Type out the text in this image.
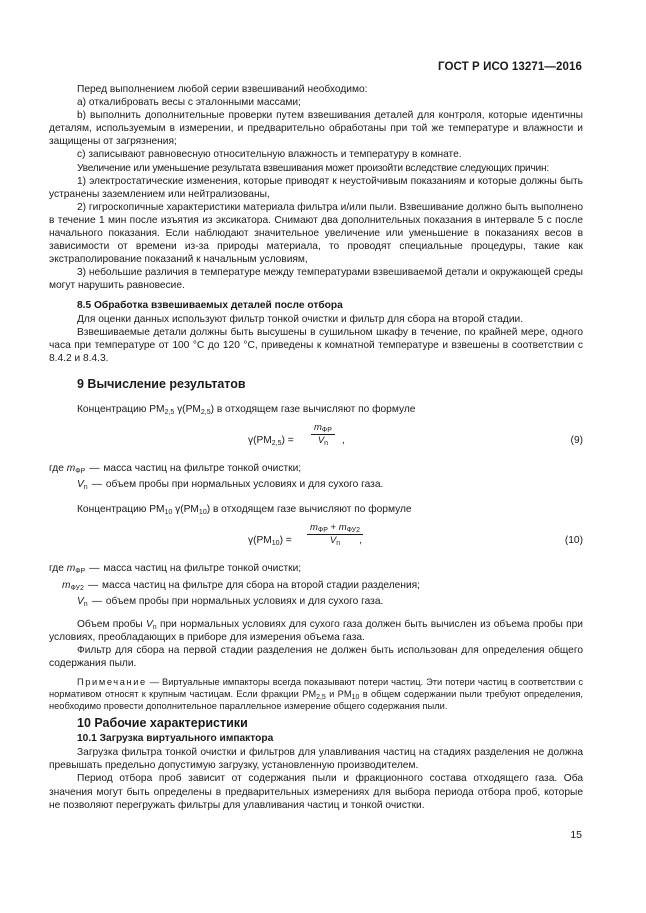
ГОСТ Р ИСО 13271—2016

Перед выполнением любой серии взвешиваний необходимо:

a) откалибровать весы с эталонными массами;

b) выполнить дополнительные проверки путем взвешивания деталей для контроля, которые идентичны деталям, используемым в измерении, и предварительно обработаны при той же температуре и влажности и защищены от загрязнения;

c) записывают равновесную относительную влажность и температуру в комнате.

Увеличение или уменьшение результата взвешивания может произойти вследствие следующих причин:

1) электростатические изменения, которые приводят к неустойчивым показаниям и которые должны быть устранены заземлением или нейтрализованы,

2) гигроскопичные характеристики материала фильтра и/или пыли. Взвешивание должно быть выполнено в течение 1 мин после изъятия из эксикатора. Снимают два дополнительных показания в интервале 5 с после начального показания. Если наблюдают значительное увеличение или уменьшение в показаниях весов в зависимости от времени из-за природы материала, то проводят специальные процедуры, такие как экстраполирование показаний к начальным условиям,

3) небольшие различия в температуре между температурами взвешиваемой детали и окружающей среды могут нарушить равновесие.

8.5 Обработка взвешиваемых деталей после отбора

Для оценки данных используют фильтр тонкой очистки и фильтр для сбора на второй стадии.

Взвешиваемые детали должны быть высушены в сушильном шкафу в течение, по крайней мере, одного часа при температуре от 100 °С до 120 °С, приведены к комнатной температуре и взвешены в соответствии с 8.4.2 и 8.4.3.

9 Вычисление результатов

Концентрацию $PM_{2,5}$ $\gamma(PM_{2,5})$ в отходящем газе вычисляют по формуле

$\gamma(PM_{2,5})$ =
$m_{ФР}$
$V_n$	,	(9)

где $m_{ФР}$ — масса частиц на фильтре тонкой очистки;

$V_n$ — объем пробы при нормальных условиях и для сухого газа.

Концентрацию $PM_{10}$ $\gamma(PM_{10})$ в отходящем газе вычисляют по формуле

$\gamma(PM_{10})$ =
$m_{ФР} + m_{ФУ2}$
$V_n$	,	(10)

где $m_{ФР}$ — масса частиц на фильтре тонкой очистки;

$m_{ФУ2}$ — масса частиц на фильтре для сбора на второй стадии разделения;

$V_n$ — объем пробы при нормальных условиях и для сухого газа.

Объем пробы $V_n$ при нормальных условиях для сухого газа должен быть вычислен из объема пробы при условиях, преобладающих в приборе для измерения объема газа.

Фильтр для сбора на первой стадии разделения не должен быть использован для определения общего содержания пыли.

Примечание — Виртуальные импакторы всегда показывают потери частиц. Эти потери частиц в соответствии с нормативом относят к крупным частицам. Если фракции $PM_{2,5}$ и $PM_{10}$ в общем содержании пыли требуют определения, необходимо провести дополнительное параллельное измерение общего содержания пыли.

10 Рабочие характеристики

10.1 Загрузка виртуального импактора

Загрузка фильтра тонкой очистки и фильтров для улавливания частиц на стадиях разделения не должна превышать предельно допустимую загрузку, установленную производителем.

Период отбора проб зависит от содержания пыли и фракционного состава отходящего газа. Оба значения могут быть определены в предварительных измерениях для выбора периода отбора проб, которые не позволяют перегружать фильтры для улавливания частиц и тонкой очистки.

15
